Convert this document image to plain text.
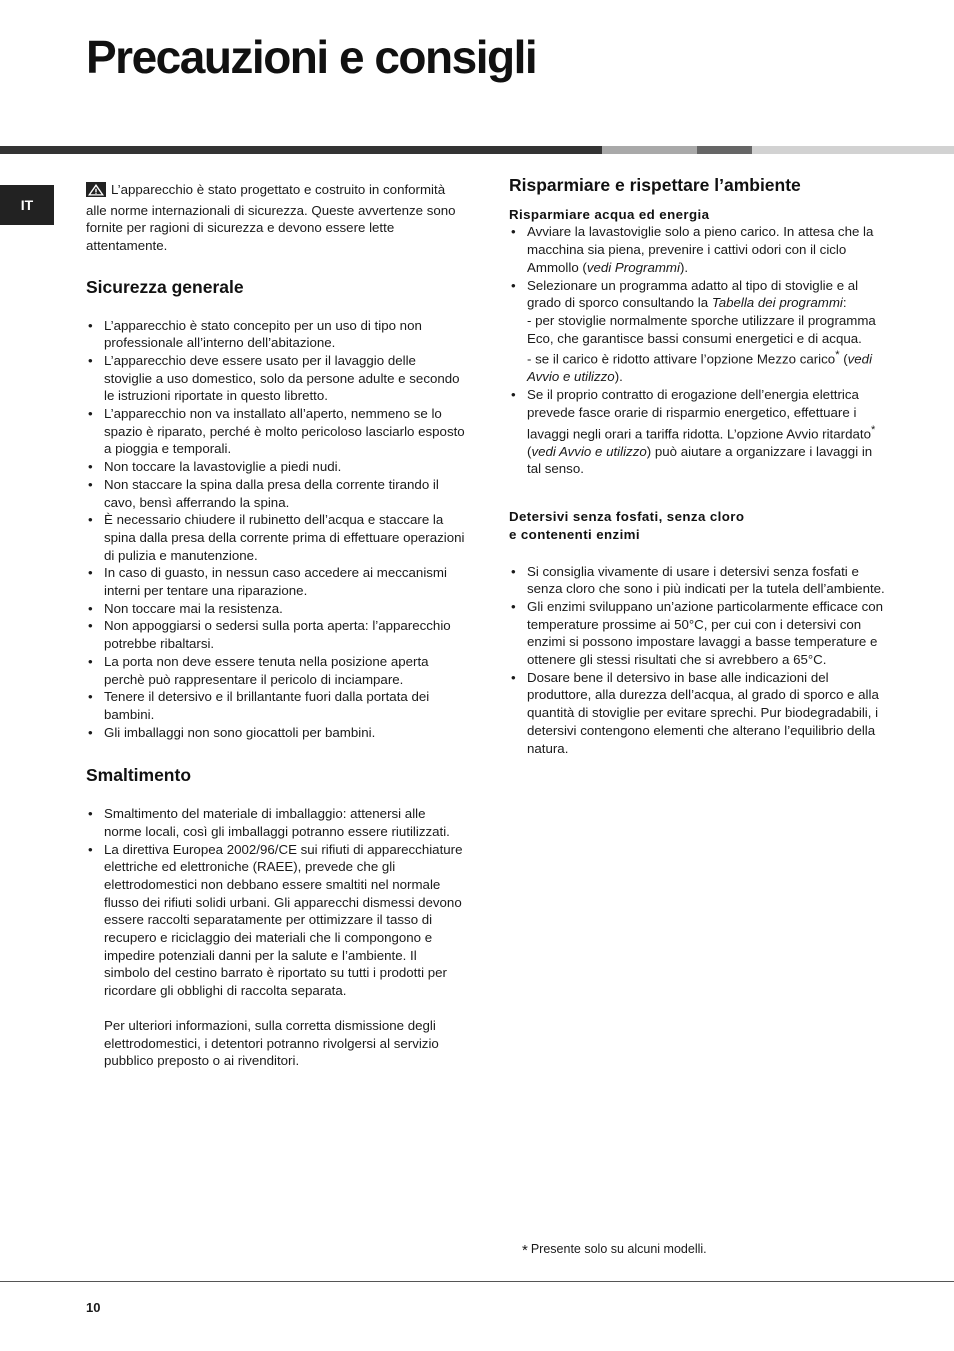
Precauzioni e consigli
IT

L’apparecchio è stato progettato e costruito in conformità alle norme internazionali di sicurezza. Queste avvertenze sono fornite per ragioni di sicurezza e devono essere lette attentamente.

Sicurezza generale
• L’apparecchio è stato concepito per un uso di tipo non professionale all’interno dell’abitazione.
• L’apparecchio deve essere usato per il lavaggio delle stoviglie a uso domestico, solo da persone adulte e secondo le istruzioni riportate in questo libretto.
• L’apparecchio non va installato all’aperto, nemmeno se lo spazio è riparato, perché è molto pericoloso lasciarlo esposto a pioggia e temporali.
• Non toccare la lavastoviglie a piedi nudi.
• Non staccare la spina dalla presa della corrente tirando il cavo, bensì afferrando la spina.
• È necessario chiudere il rubinetto dell’acqua e staccare la spina dalla presa della corrente prima di effettuare operazioni di pulizia e manutenzione.
• In caso di guasto, in nessun caso accedere ai meccanismi interni per tentare una riparazione.
• Non toccare mai la resistenza.
• Non appoggiarsi o sedersi sulla porta aperta: l’apparecchio potrebbe ribaltarsi.
• La porta non deve essere tenuta nella posizione aperta perchè può rappresentare il pericolo di inciampare.
• Tenere il detersivo e il brillantante fuori dalla portata dei bambini.
• Gli imballaggi non sono giocattoli per bambini.
Smaltimento
• Smaltimento del materiale di imballaggio: attenersi alle norme locali, così gli imballaggi potranno essere riutilizzati.
• La direttiva Europea 2002/96/CE sui rifiuti di apparecchiature elettriche ed elettroniche (RAEE), prevede che gli elettrodomestici non debbano essere smaltiti nel normale flusso dei rifiuti solidi urbani. Gli apparecchi dismessi devono essere raccolti separatamente per ottimizzare il tasso di recupero e riciclaggio dei materiali che li compongono e impedire potenziali danni per la salute e l’ambiente. Il simbolo del cestino barrato è riportato su tutti i prodotti per ricordare gli obblighi di raccolta separata.

Per ulteriori informazioni, sulla corretta dismissione degli elettrodomestici, i detentori potranno rivolgersi al servizio pubblico preposto o ai rivenditori.

Risparmiare e rispettare l’ambiente
Risparmiare acqua ed energia
• Avviare la lavastoviglie solo a pieno carico. In attesa che la macchina sia piena, prevenire i cattivi odori con il ciclo Ammollo (vedi Programmi).

• Selezionare un programma adatto al tipo di stoviglie e al grado di sporco consultando la Tabella dei programmi:

- per stoviglie normalmente sporche utilizzare il programma Eco, che garantisce bassi consumi energetici e di acqua.

- se il carico è ridotto attivare l’opzione Mezzo carico* (vedi Avvio e utilizzo).

• Se il proprio contratto di erogazione dell’energia elettrica prevede fasce orarie di risparmio energetico, effettuare i lavaggi negli orari a tariffa ridotta. L’opzione Avvio ritardato* (vedi Avvio e utilizzo) può aiutare a organizzare i lavaggi in tal senso.
Detersivi senza fosfati, senza cloro
e contenenti enzimi
• Si consiglia vivamente di usare i detersivi senza fosfati e senza cloro che sono i più indicati per la tutela dell’ambiente.
• Gli enzimi sviluppano un’azione particolarmente efficace con temperature prossime ai 50°C, per cui con i detersivi con enzimi si possono impostare lavaggi a basse temperature e ottenere gli stessi risultati che si avrebbero a 65°C.
• Dosare bene il detersivo in base alle indicazioni del produttore, alla durezza dell’acqua, al grado di sporco e alla quantità di stoviglie per evitare sprechi. Pur biodegradabili, i detersivi contengono elementi che alterano l’equilibrio della natura.
* Presente solo su alcuni modelli.
10
